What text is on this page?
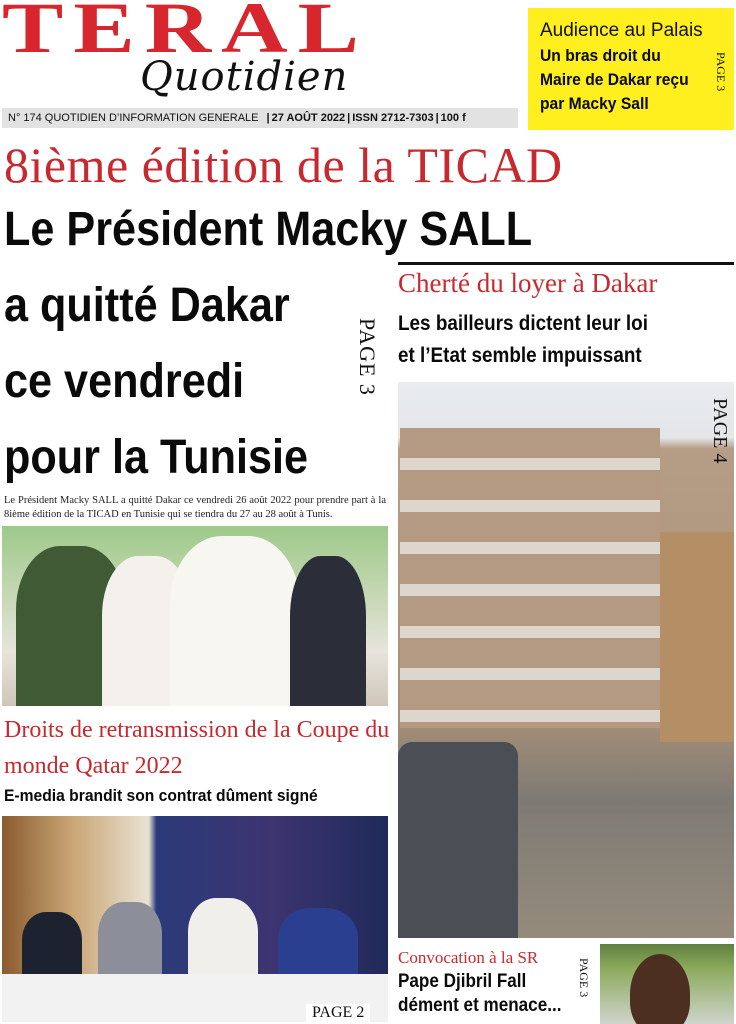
TERAL
Quotidien
N° 174 QUOTIDIEN D’INFORMATION GENERALE | 27 AOÛT 2022 | ISSN 2712-7303 | 100 f
Audience au Palais
Un bras droit du Maire de Dakar reçu par Macky Sall
PAGE 3
8ième édition de la TICAD
Le Président Macky SALL
a quitté Dakar
ce vendredi
pour la Tunisie
PAGE 3
Le Président Macky SALL a quitté Dakar ce vendredi 26 août 2022 pour prendre part à la 8ième édition de la TICAD en Tunisie qui se tiendra du 27 au 28 août à Tunis.
Droits de retransmission de la Coupe du monde Qatar 2022
E-media brandit son contrat dûment signé
PAGE 2
Cherté du loyer à Dakar
Les bailleurs dictent leur loi
et l’Etat semble impuissant
PAGE 4
Convocation à la SR
Pape Djibril Fall dément et menace...
PAGE 3
